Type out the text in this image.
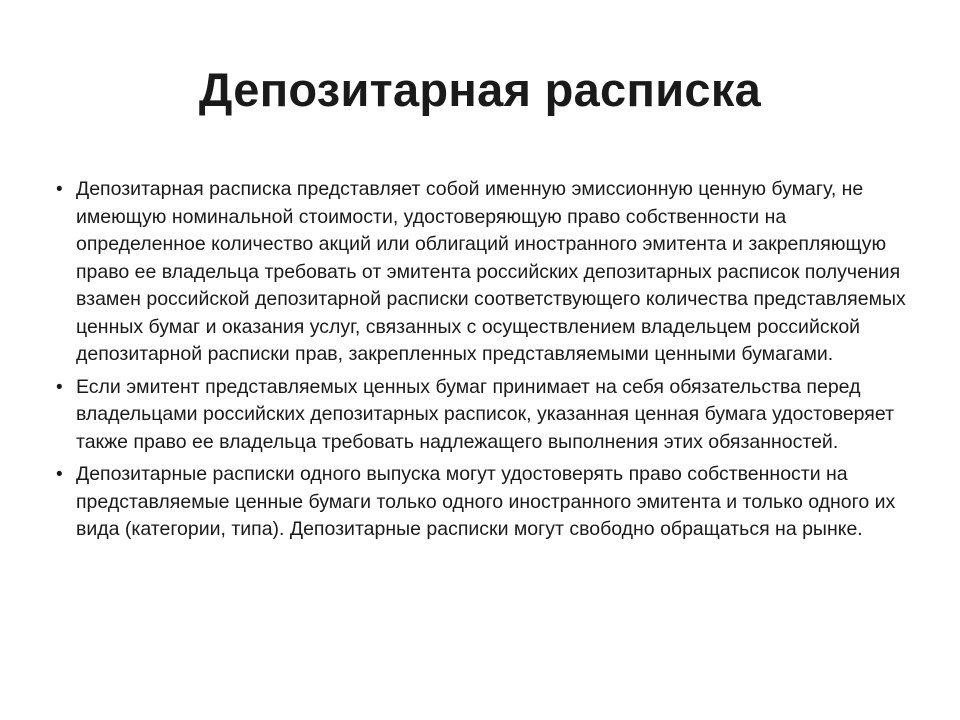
Депозитарная расписка
• Депозитарная расписка представляет собой именную эмиссионную ценную бумагу, не имеющую номинальной стоимости, удостоверяющую право собственности на определенное количество акций или облигаций иностранного эмитента и закрепляющую право ее владельца требовать от эмитента российских депозитарных расписок получения взамен российской депозитарной расписки соответствующего количества представляемых ценных бумаг и оказания услуг, связанных с осуществлением владельцем российской депозитарной расписки прав, закрепленных представляемыми ценными бумагами.
• Если эмитент представляемых ценных бумаг принимает на себя обязательства перед владельцами российских депозитарных расписок, указанная ценная бумага удостоверяет также право ее владельца требовать надлежащего выполнения этих обязанностей.
• Депозитарные расписки одного выпуска могут удостоверять право собственности на представляемые ценные бумаги только одного иностранного эмитента и только одного их вида (категории, типа). Депозитарные расписки могут свободно обращаться на рынке.
